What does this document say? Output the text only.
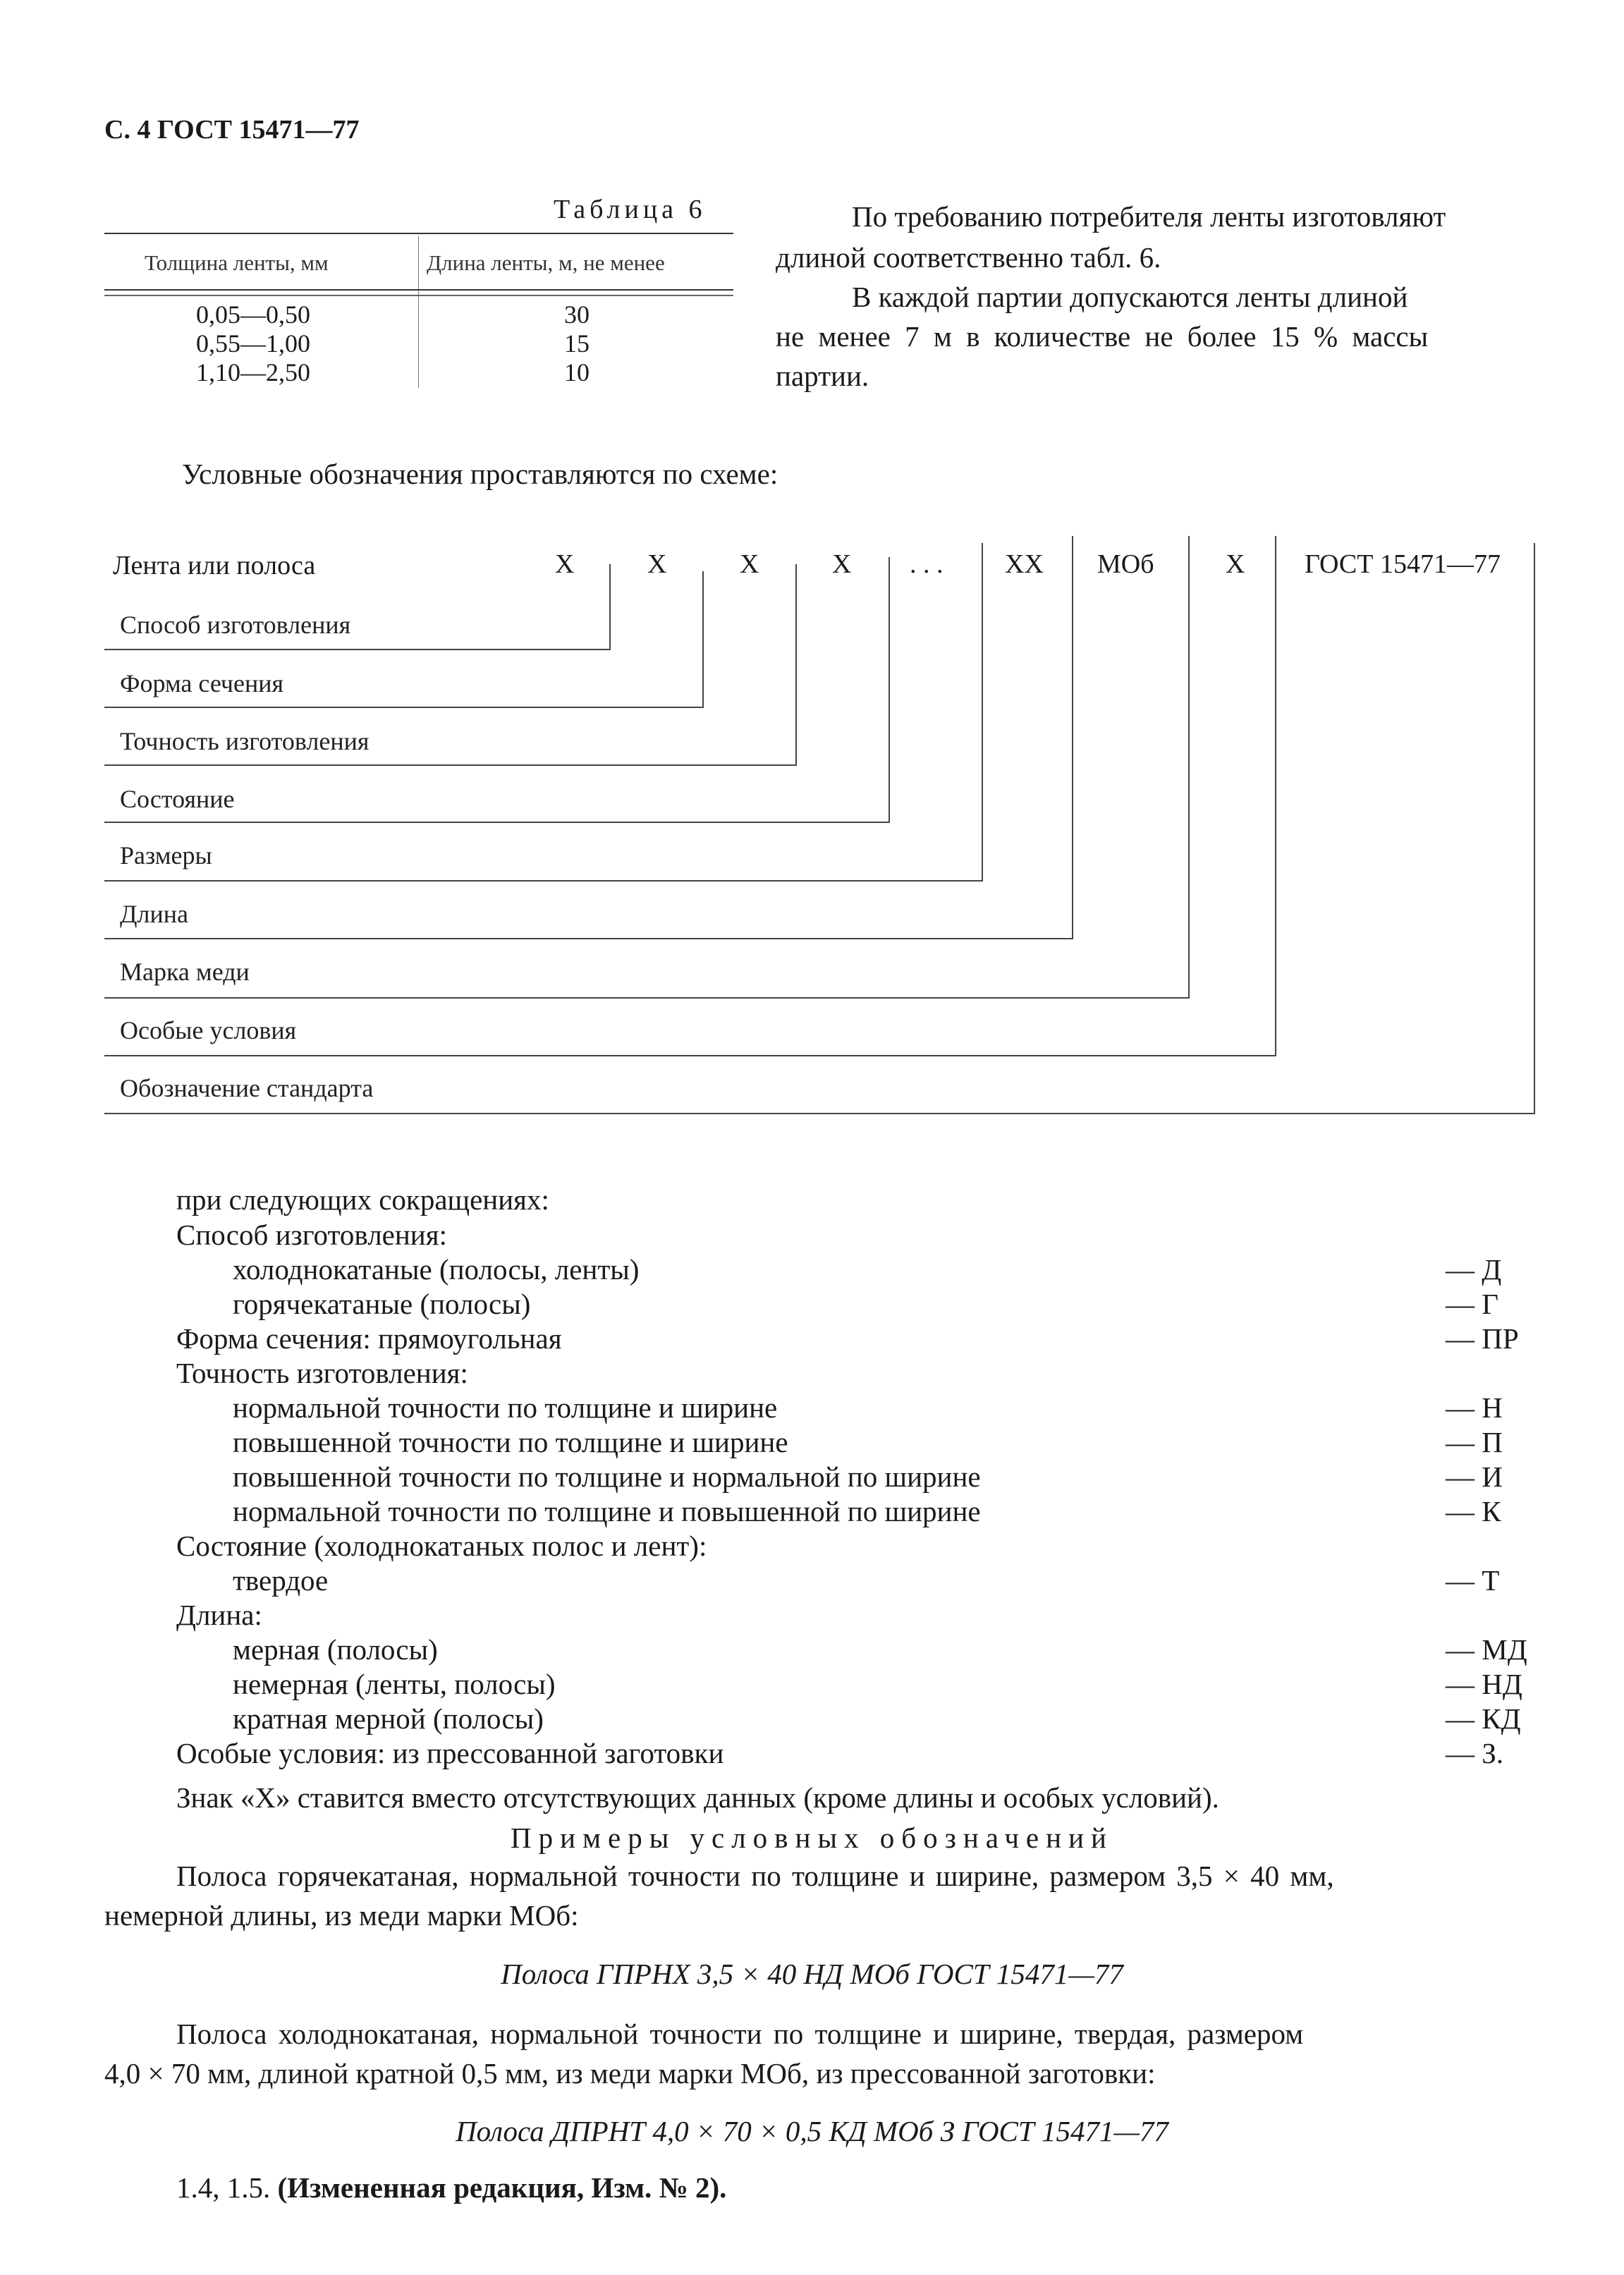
С. 4 ГОСТ 15471—77
Таблица 6
Толщина ленты, мм	Длина ленты, м, не менее
0,05—0,50	30
0,55—1,00	15
1,10—2,50	10
По требованию потребителя ленты изготовляют
длиной соответственно табл. 6.
В каждой партии допускаются ленты длиной
не менее 7 м в количестве не более 15 % массы
партии.
Условные обозначения проставляются по схеме:
Лента или полоса	Х	Х	Х	Х . . . ХХ МОб	Х ГОСТ 15471—77
Способ изготовления
Форма сечения
Точность изготовления
Состояние
Размеры
Длина
Марка меди
Особые условия
Обозначение стандарта
при следующих сокращениях:
Способ изготовления:
холоднокатаные (полосы, ленты)	— Д
горячекатаные (полосы)	— Г
Форма сечения: прямоугольная	— ПР
Точность изготовления:
нормальной точности по толщине и ширине	— Н
повышенной точности по толщине и ширине	— П
повышенной точности по толщине и нормальной по ширине	— И
нормальной точности по толщине и повышенной по ширине	— К
Состояние (холоднокатаных полос и лент):
твердое	— Т
Длина:
мерная (полосы)	— МД
немерная (ленты, полосы)	— НД
кратная мерной (полосы)	— КД
Особые условия: из прессованной заготовки	— З.
Знак «Х» ставится вместо отсутствующих данных (кроме длины и особых условий).
Примеры условных обозначений
Полоса горячекатаная, нормальной точности по толщине и ширине, размером 3,5 × 40 мм,
немерной длины, из меди марки МОб:
Полоса ГПРНХ 3,5 × 40 НД МОб ГОСТ 15471—77
Полоса холоднокатаная, нормальной точности по толщине и ширине, твердая, размером
4,0 × 70 мм, длиной кратной 0,5 мм, из меди марки МОб, из прессованной заготовки:
Полоса ДПРНТ 4,0 × 70 × 0,5 КД МОб З ГОСТ 15471—77
1.4, 1.5. (Измененная редакция, Изм. № 2).
